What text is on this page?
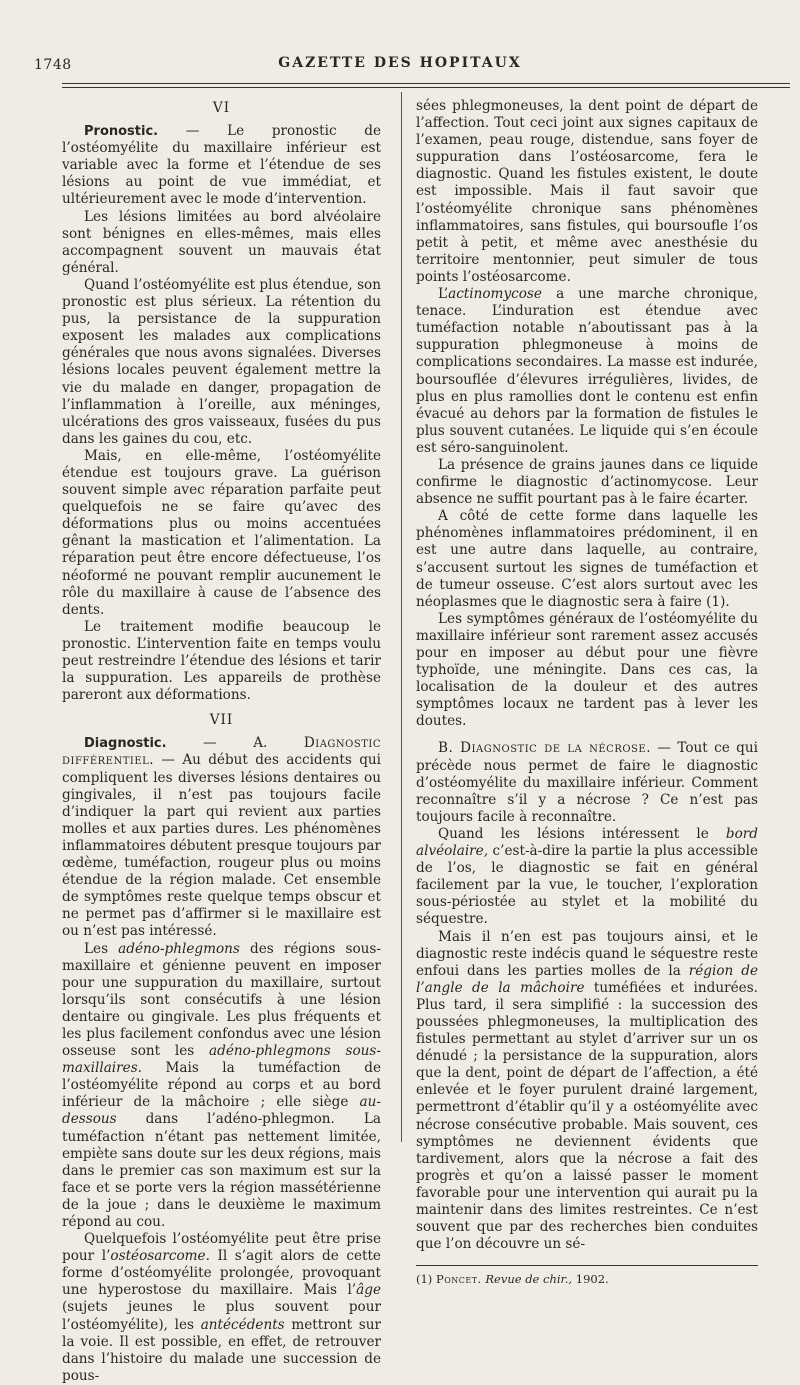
1748	GAZETTE DES HOPITAUX
VI

Pronostic. — Le pronostic de l’ostéomyélite du maxillaire inférieur est variable avec la forme et l’étendue de ses lésions au point de vue immédiat, et ultérieurement avec le mode d’intervention.

Les lésions limitées au bord alvéolaire sont bénignes en elles-mêmes, mais elles accompagnent souvent un mauvais état général.

Quand l’ostéomyélite est plus étendue, son pronostic est plus sérieux. La rétention du pus, la persistance de la suppuration exposent les malades aux complications générales que nous avons signalées. Diverses lésions locales peuvent également mettre la vie du malade en danger, propagation de l’inflammation à l’oreille, aux méninges, ulcérations des gros vaisseaux, fusées du pus dans les gaines du cou, etc.

Mais, en elle-même, l’ostéomyélite étendue est toujours grave. La guérison souvent simple avec réparation parfaite peut quelquefois ne se faire qu’avec des déformations plus ou moins accentuées gênant la mastication et l’alimentation. La réparation peut être encore défectueuse, l’os néoformé ne pouvant remplir aucunement le rôle du maxillaire à cause de l’absence des dents.

Le traitement modifie beaucoup le pronostic. L’intervention faite en temps voulu peut restreindre l’étendue des lésions et tarir la suppuration. Les appareils de prothèse pareront aux déformations.

VII

Diagnostic. — A. Diagnostic différentiel. — Au début des accidents qui compliquent les diverses lésions dentaires ou gingivales, il n’est pas toujours facile d’indiquer la part qui revient aux parties molles et aux parties dures. Les phénomènes inflammatoires débutent presque toujours par œdème, tuméfaction, rougeur plus ou moins étendue de la région malade. Cet ensemble de symptômes reste quelque temps obscur et ne permet pas d’affirmer si le maxillaire est ou n’est pas intéressé.

Les adéno-phlegmons des régions sous-maxillaire et génienne peuvent en imposer pour une suppuration du maxillaire, surtout lorsqu’ils sont consécutifs à une lésion dentaire ou gingivale. Les plus fréquents et les plus facilement confondus avec une lésion osseuse sont les adéno-phlegmons sous-maxillaires. Mais la tuméfaction de l’ostéomyélite répond au corps et au bord inférieur de la mâchoire ; elle siège au-dessous dans l’adéno-phlegmon. La tuméfaction n’étant pas nettement limitée, empiète sans doute sur les deux régions, mais dans le premier cas son maximum est sur la face et se porte vers la région massétérienne de la joue ; dans le deuxième le maximum répond au cou.

Quelquefois l’ostéomyélite peut être prise pour l’ostéosarcome. Il s’agit alors de cette forme d’ostéomyélite prolongée, provoquant une hyperostose du maxillaire. Mais l’âge (sujets jeunes le plus souvent pour l’ostéomyélite), les antécédents mettront sur la voie. Il est possible, en effet, de retrouver dans l’histoire du malade une succession de pous-

sées phlegmoneuses, la dent point de départ de l’affection. Tout ceci joint aux signes capitaux de l’examen, peau rouge, distendue, sans foyer de suppuration dans l’ostéosarcome, fera le diagnostic. Quand les fistules existent, le doute est impossible. Mais il faut savoir que l’ostéomyélite chronique sans phénomènes inflammatoires, sans fistules, qui boursoufle l’os petit à petit, et même avec anesthésie du territoire mentonnier, peut simuler de tous points l’ostéosarcome.

L’actinomycose a une marche chronique, tenace. L’induration est étendue avec tuméfaction notable n’aboutissant pas à la suppuration phlegmoneuse à moins de complications secondaires. La masse est indurée, boursouflée d’élevures irrégulières, livides, de plus en plus ramollies dont le contenu est enfin évacué au dehors par la formation de fistules le plus souvent cutanées. Le liquide qui s’en écoule est séro-sanguinolent.

La présence de grains jaunes dans ce liquide confirme le diagnostic d’actinomycose. Leur absence ne suffit pourtant pas à le faire écarter.

A côté de cette forme dans laquelle les phénomènes inflammatoires prédominent, il en est une autre dans laquelle, au contraire, s’accusent surtout les signes de tuméfaction et de tumeur osseuse. C’est alors surtout avec les néoplasmes que le diagnostic sera à faire (1).

Les symptômes généraux de l’ostéomyélite du maxillaire inférieur sont rarement assez accusés pour en imposer au début pour une fièvre typhoïde, une méningite. Dans ces cas, la localisation de la douleur et des autres symptômes locaux ne tardent pas à lever les doutes.

B. Diagnostic de la nécrose. — Tout ce qui précède nous permet de faire le diagnostic d’ostéomyélite du maxillaire inférieur. Comment reconnaître s’il y a nécrose ? Ce n’est pas toujours facile à reconnaître.

Quand les lésions intéressent le bord alvéolaire, c’est-à-dire la partie la plus accessible de l’os, le diagnostic se fait en général facilement par la vue, le toucher, l’exploration sous-périostée au stylet et la mobilité du séquestre.

Mais il n’en est pas toujours ainsi, et le diagnostic reste indécis quand le séquestre reste enfoui dans les parties molles de la région de l’angle de la mâchoire tuméfiées et indurées. Plus tard, il sera simplifié : la succession des poussées phlegmoneuses, la multiplication des fistules permettant au stylet d’arriver sur un os dénudé ; la persistance de la suppuration, alors que la dent, point de départ de l’affection, a été enlevée et le foyer purulent drainé largement, permettront d’établir qu’il y a ostéomyélite avec nécrose consécutive probable. Mais souvent, ces symptômes ne deviennent évidents que tardivement, alors que la nécrose a fait des progrès et qu’on a laissé passer le moment favorable pour une intervention qui aurait pu la maintenir dans des limites restreintes. Ce n’est souvent que par des recherches bien conduites que l’on découvre un sé-

(1) Poncet. Revue de chir., 1902.
